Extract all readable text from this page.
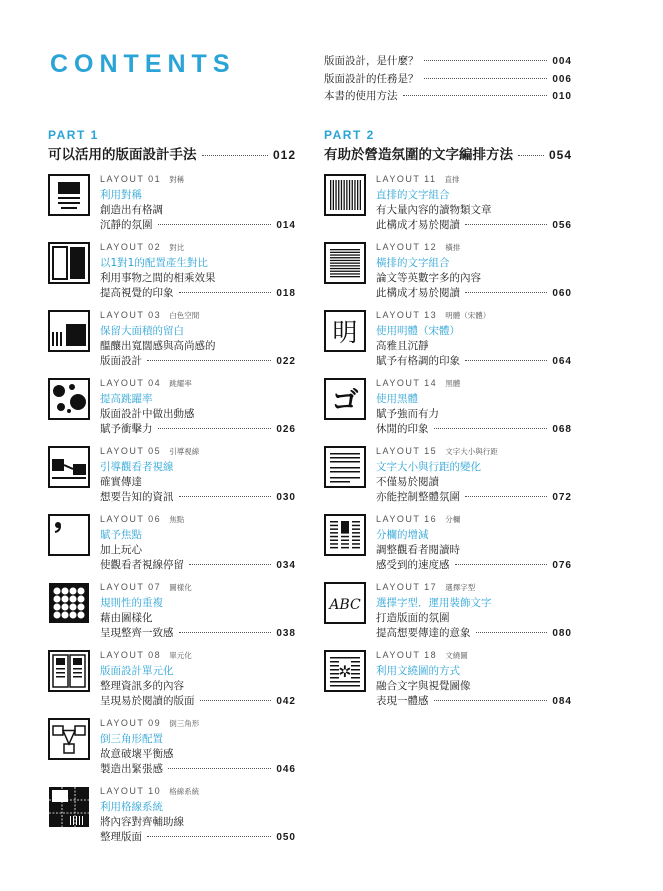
CONTENTS	版面設計，是什麼？	004
版面設計的任務是？	006
本書的使用方法	010
PART 1
可以活用的版面設計手法	012
LAYOUT 01 對稱
利用對稱
創造出有格調
沉靜的氛圍	014
LAYOUT 02 對比
以1對1的配置產生對比
利用事物之間的相乘效果
提高視覺的印象	018
LAYOUT 03 白色空間
保留大面積的留白
醞釀出寬闊感與高尚感的
版面設計	022
LAYOUT 04 跳耀率
提高跳躍率
版面設計中做出動感
賦予衝擊力	026
LAYOUT 05 引導視線
引導觀看者視線
確實傳達
想要告知的資訊	030
LAYOUT 06 焦點
賦予焦點
加上玩心
使觀看者視線停留	034
LAYOUT 07 圖樣化
規則性的重複
藉由圖樣化
呈現整齊一致感	038
LAYOUT 08 單元化
版面設計單元化
整理資訊多的內容
呈現易於閱讀的版面	042
LAYOUT 09 倒三角形
倒三角形配置
故意破壞平衡感
製造出緊張感	046
LAYOUT 10 格線系統
利用格線系統
將內容對齊輔助線
整理版面	050
PART 2
有助於營造氛圍的文字編排方法	054
LAYOUT 11 直排
直排的文字組合
有大量內容的讀物類文章
此構成才易於閱讀	056
LAYOUT 12 橫排
橫排的文字組合
論文等英數字多的內容
此構成才易於閱讀	060
明
LAYOUT 13 明體（宋體）
使用明體（宋體）
高雅且沉靜
賦予有格調的印象	064
ゴ
LAYOUT 14 黑體
使用黑體
賦予強而有力
休閒的印象	068
LAYOUT 15 文字大小與行距
文字大小與行距的變化
不僅易於閱讀
亦能控制整體氛圍	072
LAYOUT 16 分欄
分欄的增減
調整觀看者閱讀時
感受到的速度感	076
ABC
LAYOUT 17 選擇字型
選擇字型．運用裝飾文字
打造版面的氛圍
提高想要傳達的意象	080
✲
LAYOUT 18 文繞圖
利用文繞圖的方式
融合文字與視覺圖像
表現一體感	084
